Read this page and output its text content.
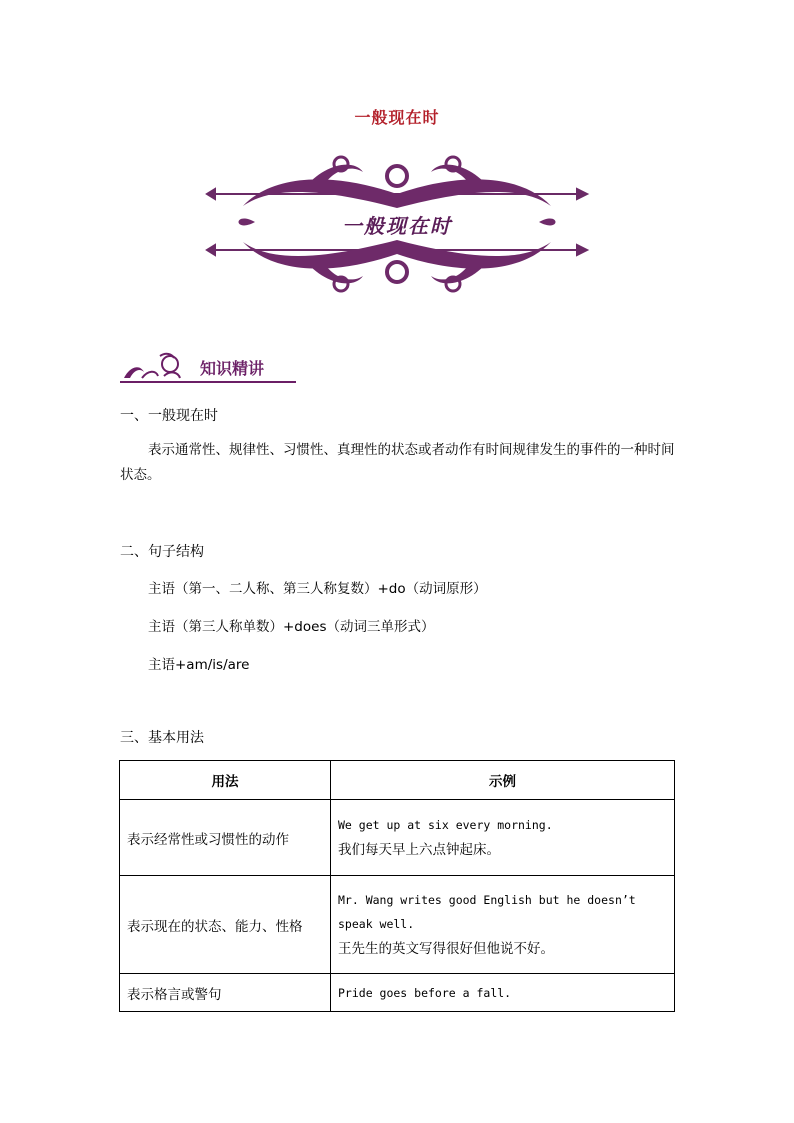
一般现在时
一般现在时
知识精讲
一、一般现在时
表示通常性、规律性、习惯性、真理性的状态或者动作有时间规律发生的事件的一种时间状态。
二、句子结构
主语（第一、二人称、第三人称复数）+do（动词原形）
主语（第三人称单数）+does（动词三单形式）
主语+am/is/are
三、基本用法
用法	示例
表示经常性或习惯性的动作	We get up at six every morning.
我们每天早上六点钟起床。

表示现在的状态、能力、性格	Mr. Wang writes good English but he doesn’t speak well.
王先生的英文写得很好但他说不好。

表示格言或警句	Pride goes before a fall.
